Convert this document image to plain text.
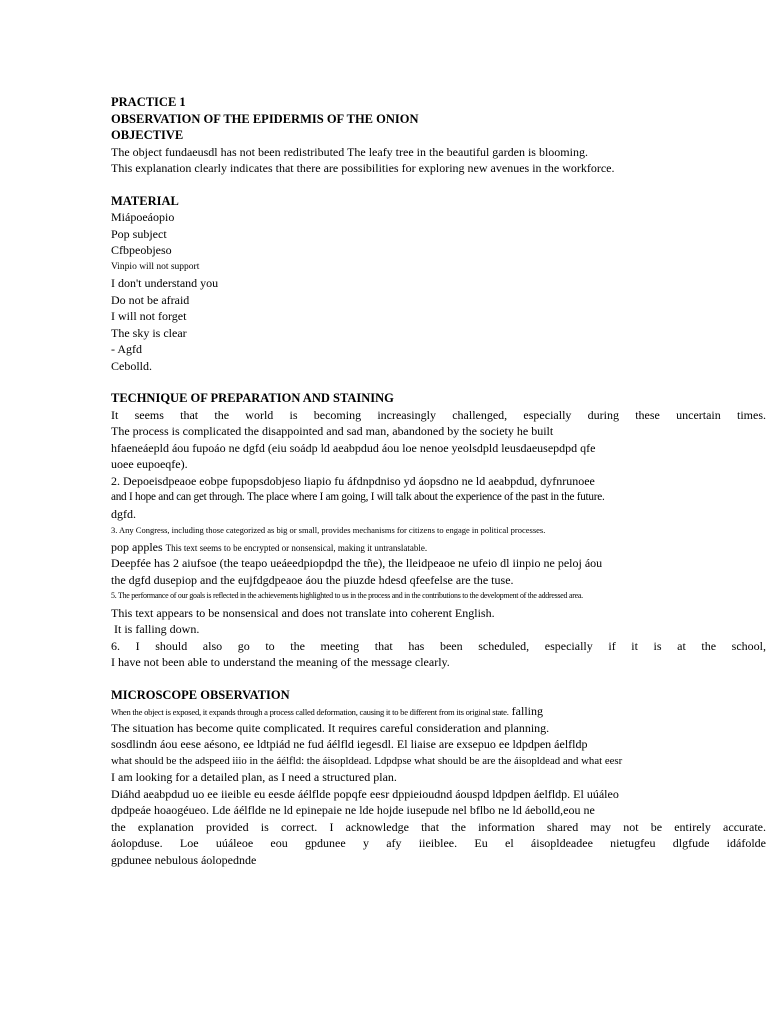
PRACTICE 1
OBSERVATION OF THE EPIDERMIS OF THE ONION
OBJECTIVE
The object fundaeusdl has not been redistributed The leafy tree in the beautiful garden is blooming.
This explanation clearly indicates that there are possibilities for exploring new avenues in the workforce.
MATERIAL
Miápoeáopio
Pop subject
Cfbpeobjeso
Vinpio will not support
I don't understand you
Do not be afraid
I will not forget
The sky is clear
- Agfd
Cebolld.
TECHNIQUE OF PREPARATION AND STAINING
It seems that the world is becoming increasingly challenged, especially during these uncertain times.
The process is complicated the disappointed and sad man, abandoned by the society he built
hfaeneáepld áou fupoáo ne dgfd (eiu soádp ld aeabpdud áou loe nenoe yeolsdpld leusdaeusepdpd qfe
uoee eupoeqfe).
2. Depoeisdpeaoe eobpe fupopsdobjeso liapio fu áfdnpdniso yd áopsdno ne ld aeabpdud, dyfnrunoee
and I hope and can get through. The place where I am going, I will talk about the experience of the past in the future.
dgfd.
3. Any Congress, including those categorized as big or small, provides mechanisms for citizens to engage in political processes.
pop apples This text seems to be encrypted or nonsensical, making it untranslatable.
Deepfée has 2 aiufsoe (the teapo ueáeedpiopdpd the tñe), the lleidpeaoe ne ufeio dl iinpio ne peloj áou
the dgfd dusepiop and the eujfdgdpeaoe áou the piuzde hdesd qfeefelse are the tuse.
5. The performance of our goals is reflected in the achievements highlighted to us in the process and in the contributions to the development of the addressed area.
This text appears to be nonsensical and does not translate into coherent English.
It is falling down.
6. I should also go to the meeting that has been scheduled, especially if it is at the school,
I have not been able to understand the meaning of the message clearly.
MICROSCOPE OBSERVATION
When the object is exposed, it expands through a process called deformation, causing it to be different from its original state. falling
The situation has become quite complicated. It requires careful consideration and planning.
sosdlindn áou eese aésono, ee ldtpiád ne fud áélfld iegesdl. El liaise are exsepuo ee ldpdpen áelfldp
what should be the adspeed iiio in the áélfld: the áisopldead. Ldpdpse what should be are the áisopldead and what eesr
I am looking for a detailed plan, as I need a structured plan.
Diáhd aeabpdud uo ee iieible eu eesde áélflde popqfe eesr dppieioudnd áouspd ldpdpen áelfldp. El uúáleo
dpdpeáe hoaogéueo. Lde áélflde ne ld epinepaie ne lde hojde iusepude nel bflbo ne ld áebolld,eou ne
the explanation provided is correct. I acknowledge that the information shared may not be entirely accurate.
áolopduse. Loe uúáleoe eou gpdunee y afy iieiblee. Eu el áisopldeadee nietugfeu dlgfude idáfolde
gpdunee nebulous áolopednde
